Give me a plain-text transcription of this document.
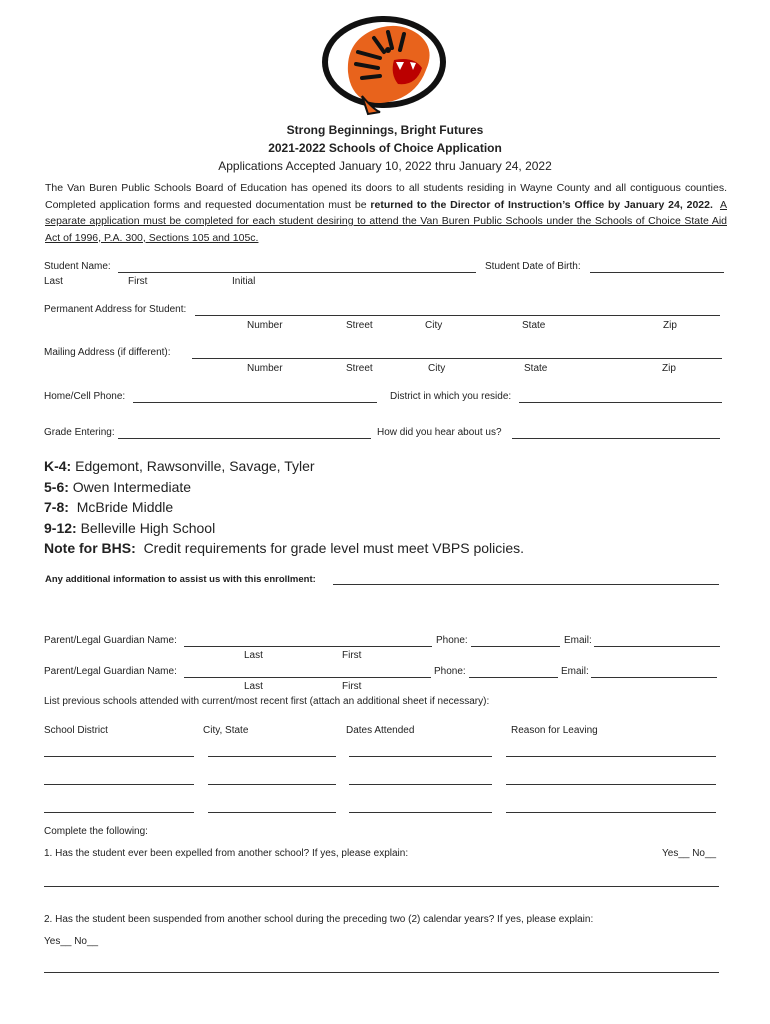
Strong Beginnings, Bright Futures
2021-2022 Schools of Choice Application
Applications Accepted January 10, 2022 thru January 24, 2022
The Van Buren Public Schools Board of Education has opened its doors to all students residing in Wayne County and all contiguous counties. Completed application forms and requested documentation must be returned to the Director of Instruction’s Office by January 24, 2022. A separate application must be completed for each student desiring to attend the Van Buren Public Schools under the Schools of Choice State Aid Act of 1996, P.A. 300, Sections 105 and 105c.
Student Name:	Student Date of Birth:
Last	First	Initial
Permanent Address for Student:
Number	Street	City	State	Zip
Mailing Address (if different):
Number	Street	City	State	Zip
Home/Cell Phone:	District in which you reside:
Grade Entering:	How did you hear about us?
K-4: Edgemont, Rawsonville, Savage, Tyler
5-6: Owen Intermediate
7-8: McBride Middle
9-12: Belleville High School
Note for BHS: Credit requirements for grade level must meet VBPS policies.
Any additional information to assist us with this enrollment:
Parent/Legal Guardian Name:	Phone:	Email:
Last	First
Parent/Legal Guardian Name:	Phone:	Email:
Last	First
List previous schools attended with current/most recent first (attach an additional sheet if necessary):
School District	City, State	Dates Attended	Reason for Leaving
Complete the following:
1. Has the student ever been expelled from another school? If yes, please explain:	Yes__ No__
2. Has the student been suspended from another school during the preceding two (2) calendar years? If yes, please explain:
Yes__ No__
